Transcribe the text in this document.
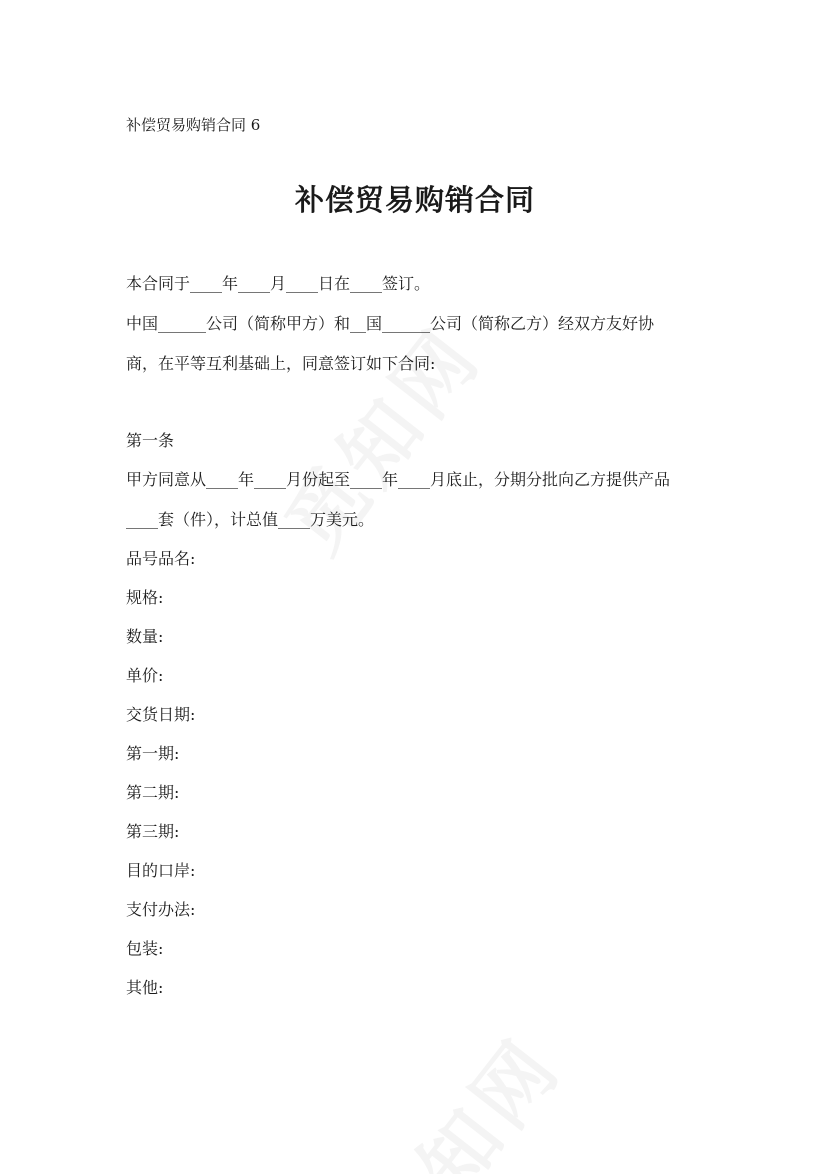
补偿贸易购销合同 6
补偿贸易购销合同
本合同于____年____月____日在____签订。
中国______公司（简称甲方）和__国______公司（简称乙方）经双方友好协
商，在平等互利基础上，同意签订如下合同:
第一条
甲方同意从____年____月份起至____年____月底止，分期分批向乙方提供产品
____套（件），计总值____万美元。
品号品名:
规格:
数量:
单价:
交货日期:
第一期:
第二期:
第三期:
目的口岸:
支付办法:
包装:
其他:
